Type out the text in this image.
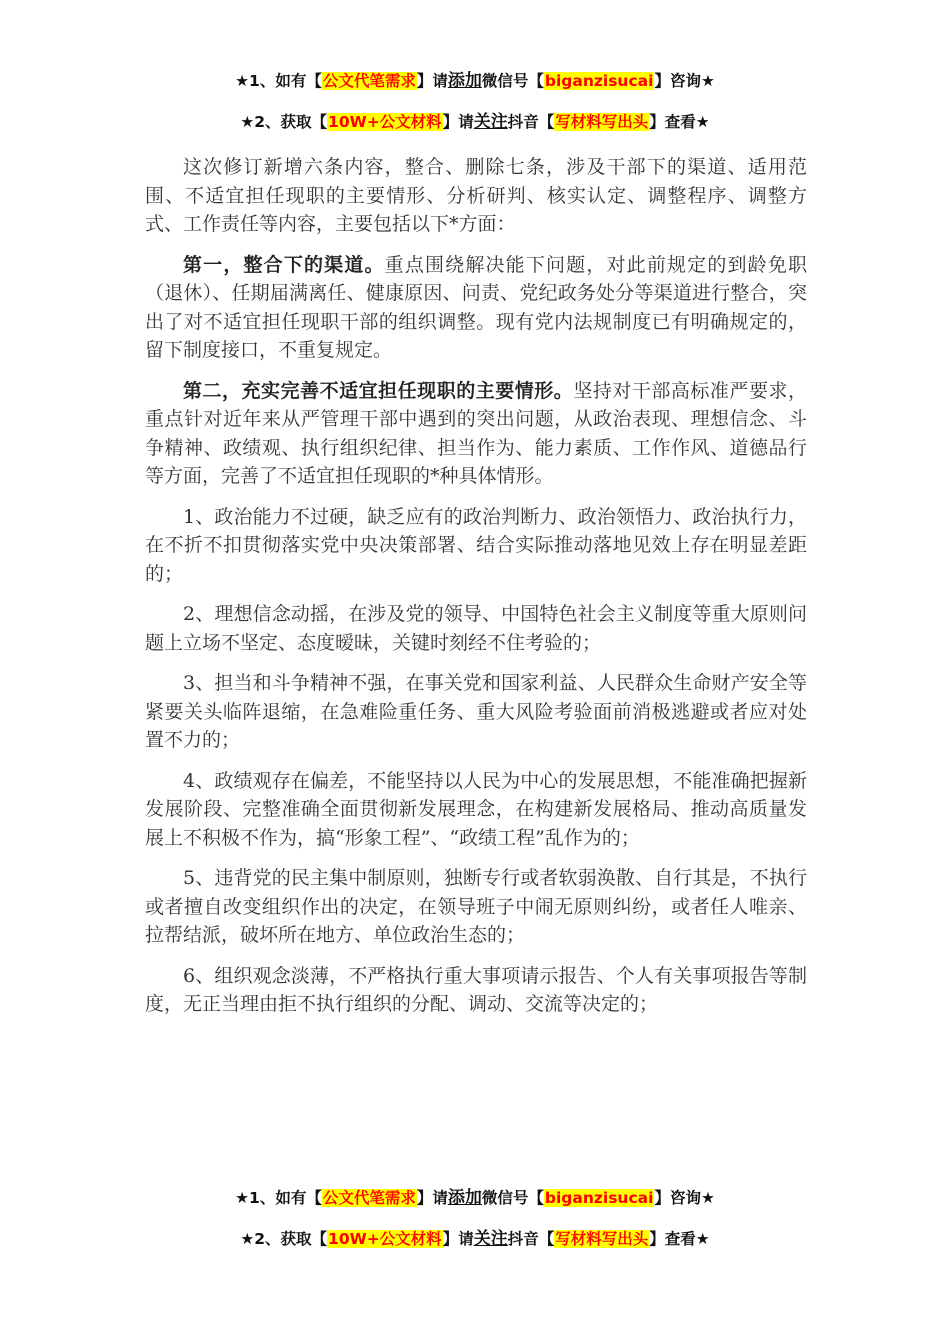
★1、如有【公文代笔需求】请添加微信号【biganzisucai】咨询★
★2、获取【10W+公文材料】请关注抖音【写材料写出头】查看★

这次修订新增六条内容，整合、删除七条，涉及干部下的渠道、适用范围、不适宜担任现职的主要情形、分析研判、核实认定、调整程序、调整方式、工作责任等内容，主要包括以下*方面：

第一，整合下的渠道。重点围绕解决能下问题，对此前规定的到龄免职（退休）、任期届满离任、健康原因、问责、党纪政务处分等渠道进行整合，突出了对不适宜担任现职干部的组织调整。现有党内法规制度已有明确规定的，留下制度接口，不重复规定。

第二，充实完善不适宜担任现职的主要情形。坚持对干部高标准严要求，重点针对近年来从严管理干部中遇到的突出问题，从政治表现、理想信念、斗争精神、政绩观、执行组织纪律、担当作为、能力素质、工作作风、道德品行等方面，完善了不适宜担任现职的*种具体情形。

1、政治能力不过硬，缺乏应有的政治判断力、政治领悟力、政治执行力，在不折不扣贯彻落实党中央决策部署、结合实际推动落地见效上存在明显差距的；

2、理想信念动摇，在涉及党的领导、中国特色社会主义制度等重大原则问题上立场不坚定、态度暧昧，关键时刻经不住考验的；

3、担当和斗争精神不强，在事关党和国家利益、人民群众生命财产安全等紧要关头临阵退缩，在急难险重任务、重大风险考验面前消极逃避或者应对处置不力的；

4、政绩观存在偏差，不能坚持以人民为中心的发展思想，不能准确把握新发展阶段、完整准确全面贯彻新发展理念，在构建新发展格局、推动高质量发展上不积极不作为，搞“形象工程”、“政绩工程”乱作为的；

5、违背党的民主集中制原则，独断专行或者软弱涣散、自行其是，不执行或者擅自改变组织作出的决定，在领导班子中闹无原则纠纷，或者任人唯亲、拉帮结派，破坏所在地方、单位政治生态的；

6、组织观念淡薄，不严格执行重大事项请示报告、个人有关事项报告等制度，无正当理由拒不执行组织的分配、调动、交流等决定的；

★1、如有【公文代笔需求】请添加微信号【biganzisucai】咨询★
★2、获取【10W+公文材料】请关注抖音【写材料写出头】查看★
